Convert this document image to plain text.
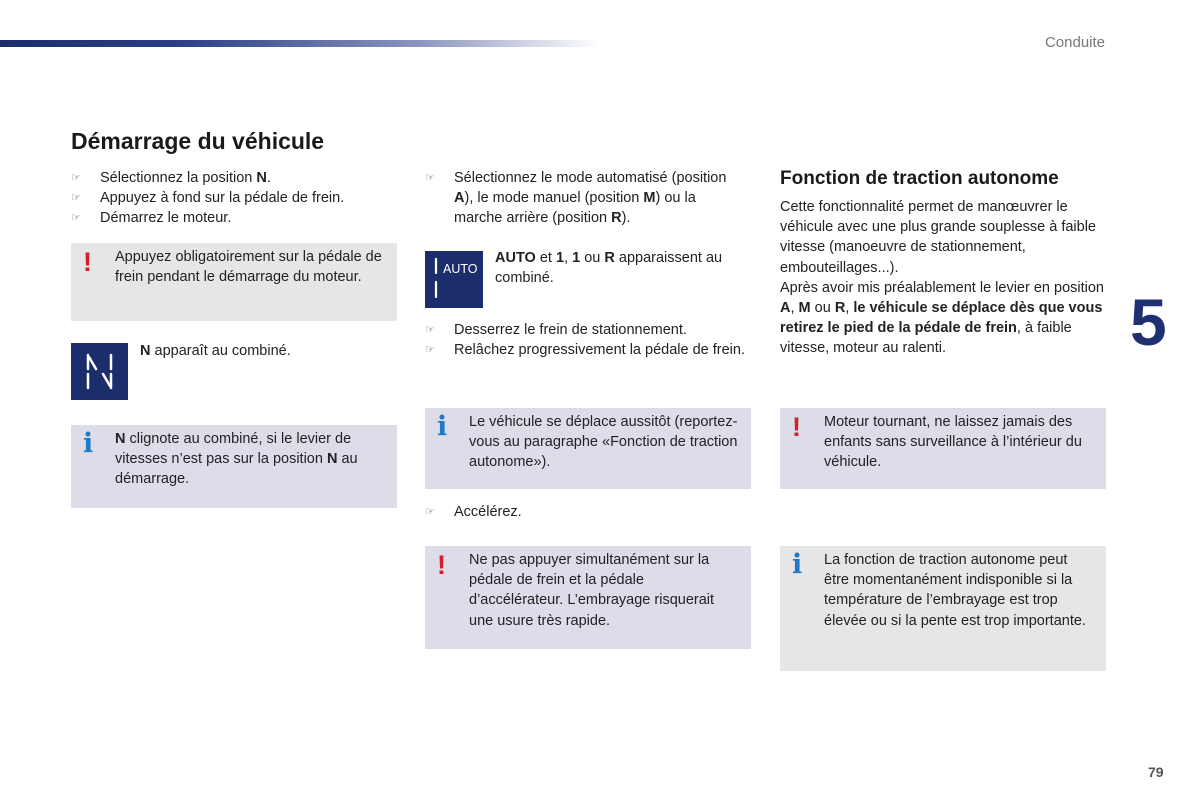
Conduite
5
79
Démarrage du véhicule
☞ Sélectionnez la position N.
☞ Appuyez à fond sur la pédale de frein.
☞ Démarrez le moteur.
! Appuyez obligatoirement sur la pédale de frein pendant le démarrage du moteur.
N apparaît au combiné.
i N clignote au combiné, si le levier de vitesses n’est pas sur la position N au démarrage.
☞ Sélectionnez le mode automatisé (position A), le mode manuel (position M) ou la marche arrière (position R).
AUTO
AUTO et 1, 1 ou R apparaissent au combiné.
☞ Desserrez le frein de stationnement.
☞ Relâchez progressivement la pédale de frein.
i Le véhicule se déplace aussitôt (reportez-vous au paragraphe «Fonction de traction autonome»).
☞ Accélérez.
! Ne pas appuyer simultanément sur la pédale de frein et la pédale d’accélérateur. L’embrayage risquerait une usure très rapide.
Fonction de traction autonome
Cette fonctionnalité permet de manœuvrer le véhicule avec une plus grande souplesse à faible vitesse (manoeuvre de stationnement, embouteillages...).
Après avoir mis préalablement le levier en position A, M ou R, le véhicule se déplace dès que vous retirez le pied de la pédale de frein, à faible vitesse, moteur au ralenti.
! Moteur tournant, ne laissez jamais des enfants sans surveillance à l’intérieur du véhicule.
i La fonction de traction autonome peut être momentanément indisponible si la température de l’embrayage est trop élevée ou si la pente est trop importante.
